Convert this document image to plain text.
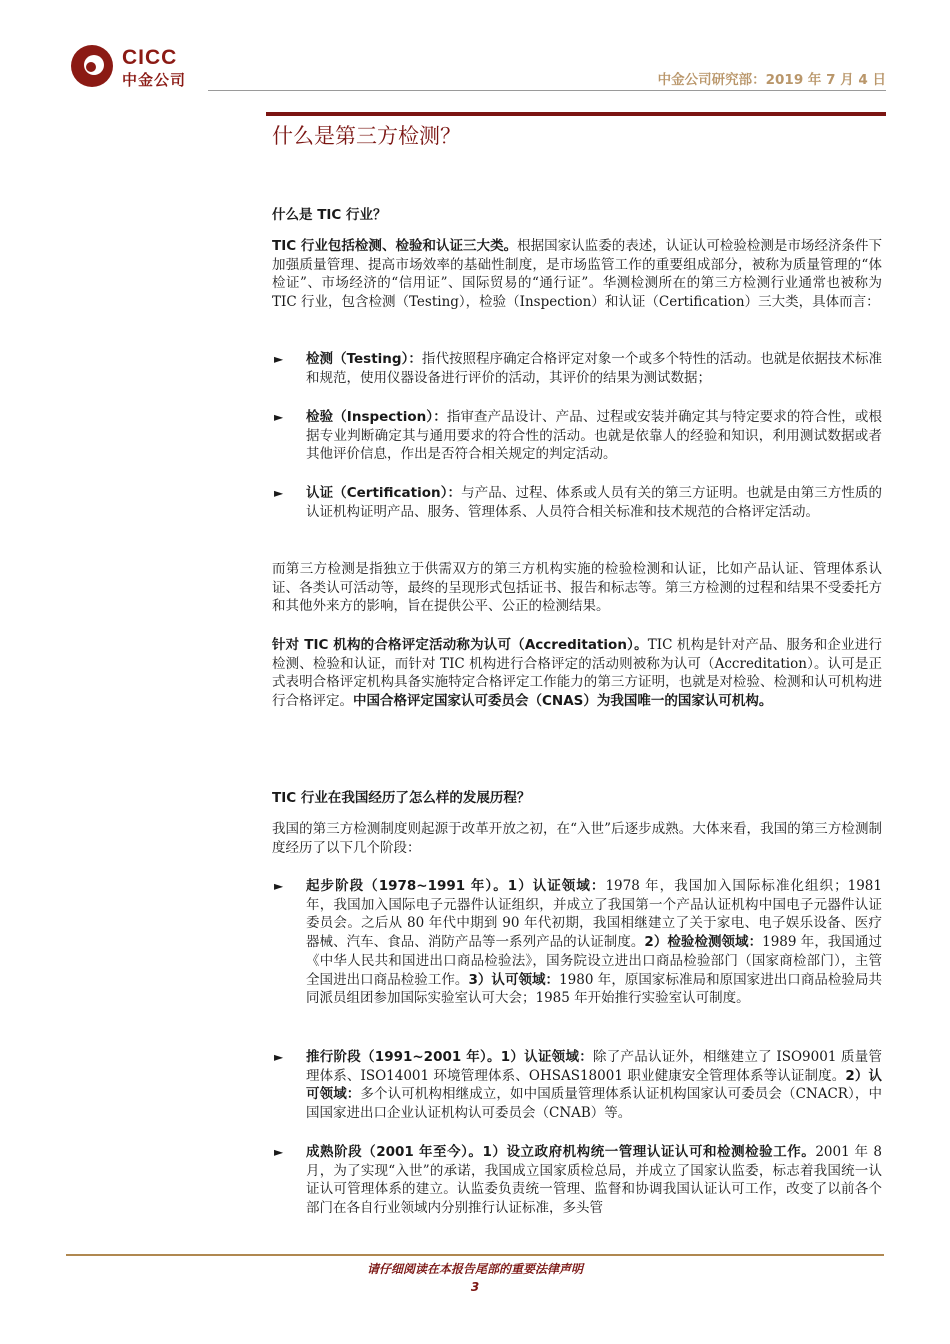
CICC
中金公司	中金公司研究部：2019 年 7 月 4 日
什么是第三方检测？
什么是 TIC 行业？
TIC 行业包括检测、检验和认证三大类。根据国家认监委的表述，认证认可检验检测是市场经济条件下加强质量管理、提高市场效率的基础性制度，是市场监管工作的重要组成部分，被称为质量管理的“体检证”、市场经济的“信用证”、国际贸易的“通行证”。华测检测所在的第三方检测行业通常也被称为 TIC 行业，包含检测（Testing），检验（Inspection）和认证（Certification）三大类，具体而言：
► 检测（Testing）：指代按照程序确定合格评定对象一个或多个特性的活动。也就是依据技术标准和规范，使用仪器设备进行评价的活动，其评价的结果为测试数据；
► 检验（Inspection）：指审查产品设计、产品、过程或安装并确定其与特定要求的符合性，或根据专业判断确定其与通用要求的符合性的活动。也就是依靠人的经验和知识，利用测试数据或者其他评价信息，作出是否符合相关规定的判定活动。
► 认证（Certification）：与产品、过程、体系或人员有关的第三方证明。也就是由第三方性质的认证机构证明产品、服务、管理体系、人员符合相关标准和技术规范的合格评定活动。
而第三方检测是指独立于供需双方的第三方机构实施的检验检测和认证，比如产品认证、管理体系认证、各类认可活动等，最终的呈现形式包括证书、报告和标志等。第三方检测的过程和结果不受委托方和其他外来方的影响，旨在提供公平、公正的检测结果。
针对 TIC 机构的合格评定活动称为认可（Accreditation）。TIC 机构是针对产品、服务和企业进行检测、检验和认证，而针对 TIC 机构进行合格评定的活动则被称为认可（Accreditation）。认可是正式表明合格评定机构具备实施特定合格评定工作能力的第三方证明，也就是对检验、检测和认可机构进行合格评定。中国合格评定国家认可委员会（CNAS）为我国唯一的国家认可机构。
TIC 行业在我国经历了怎么样的发展历程？
我国的第三方检测制度则起源于改革开放之初，在“入世”后逐步成熟。大体来看，我国的第三方检测制度经历了以下几个阶段：
► 起步阶段（1978~1991 年）。1）认证领域：1978 年，我国加入国际标准化组织；1981 年，我国加入国际电子元器件认证组织，并成立了我国第一个产品认证机构中国电子元器件认证委员会。之后从 80 年代中期到 90 年代初期，我国相继建立了关于家电、电子娱乐设备、医疗器械、汽车、食品、消防产品等一系列产品的认证制度。2）检验检测领域：1989 年，我国通过《中华人民共和国进出口商品检验法》，国务院设立进出口商品检验部门（国家商检部门），主管全国进出口商品检验工作。3）认可领域：1980 年，原国家标准局和原国家进出口商品检验局共同派员组团参加国际实验室认可大会；1985 年开始推行实验室认可制度。
► 推行阶段（1991~2001 年）。1）认证领域：除了产品认证外，相继建立了 ISO9001 质量管理体系、ISO14001 环境管理体系、OHSAS18001 职业健康安全管理体系等认证制度。2）认可领域：多个认可机构相继成立，如中国质量管理体系认证机构国家认可委员会（CNACR），中国国家进出口企业认证机构认可委员会（CNAB）等。
► 成熟阶段（2001 年至今）。1）设立政府机构统一管理认证认可和检测检验工作。2001 年 8 月，为了实现“入世”的承诺，我国成立国家质检总局，并成立了国家认监委，标志着我国统一认证认可管理体系的建立。认监委负责统一管理、监督和协调我国认证认可工作，改变了以前各个部门在各自行业领域内分别推行认证标准，多头管
请仔细阅读在本报告尾部的重要法律声明
3
